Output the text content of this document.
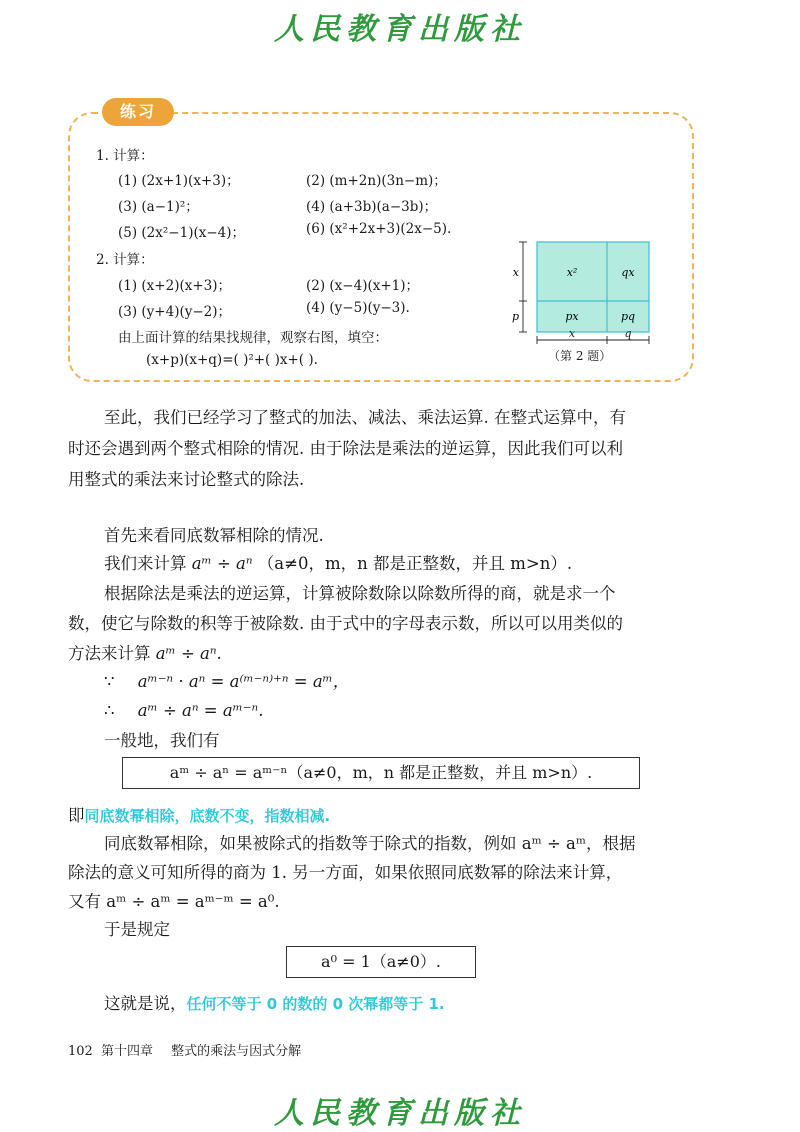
人民教育出版社
练习
1. 计算：
(1) (2x+1)(x+3)；	(2) (m+2n)(3n−m)；
(3) (a−1)²；	(4) (a+3b)(a−3b)；
(5) (2x²−1)(x−4)；	(6) (x²+2x+3)(2x−5).
2. 计算：
(1) (x+2)(x+3)；	(2) (x−4)(x+1)；
(3) (y+4)(y−2)；	(4) (y−5)(y−3).
由上面计算的结果找规律，观察右图，填空：
(x+p)(x+q)=( )²+( )x+( ).
x²	qx
px	pq
x
p
x	q
（第 2 题）
至此，我们已经学习了整式的加法、减法、乘法运算. 在整式运算中，有
时还会遇到两个整式相除的情况. 由于除法是乘法的逆运算，因此我们可以利
用整式的乘法来讨论整式的除法.
首先来看同底数幂相除的情况.
我们来计算 aᵐ ÷ aⁿ （a≠0，m，n 都是正整数，并且 m>n）.
根据除法是乘法的逆运算，计算被除数除以除数所得的商，就是求一个
数，使它与除数的积等于被除数. 由于式中的字母表示数，所以可以用类似的
方法来计算 aᵐ ÷ aⁿ.
∵ aᵐ⁻ⁿ · aⁿ = a⁽ᵐ⁻ⁿ⁾⁺ⁿ = aᵐ，
∴ aᵐ ÷ aⁿ = aᵐ⁻ⁿ.
一般地，我们有
aᵐ ÷ aⁿ = aᵐ⁻ⁿ（a≠0，m，n 都是正整数，并且 m>n）.
即同底数幂相除，底数不变，指数相减.
同底数幂相除，如果被除式的指数等于除式的指数，例如 aᵐ ÷ aᵐ，根据
除法的意义可知所得的商为 1. 另一方面，如果依照同底数幂的除法来计算，
又有 aᵐ ÷ aᵐ = aᵐ⁻ᵐ = a⁰.
于是规定
a⁰ = 1（a≠0）.
这就是说，任何不等于 0 的数的 0 次幂都等于 1.
102 第十四章 整式的乘法与因式分解
人民教育出版社
